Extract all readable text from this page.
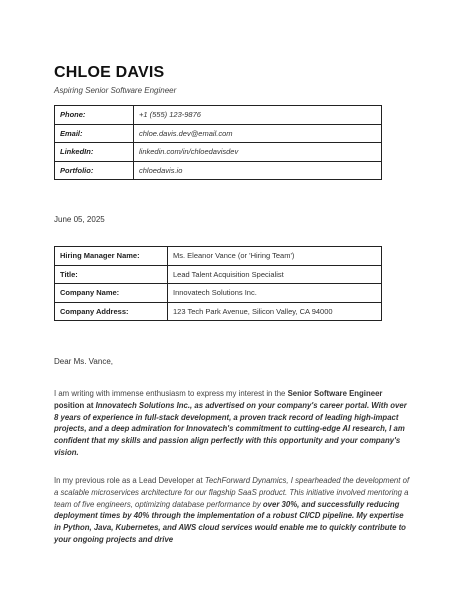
CHLOE DAVIS
Aspiring Senior Software Engineer
Phone:	+1 (555) 123-9876
Email:	chloe.davis.dev@email.com
LinkedIn:	linkedin.com/in/chloedavisdev
Portfolio:	chloedavis.io
June 05, 2025
Hiring Manager Name:	Ms. Eleanor Vance (or 'Hiring Team')
Title:	Lead Talent Acquisition Specialist
Company Name:	Innovatech Solutions Inc.
Company Address:	123 Tech Park Avenue, Silicon Valley, CA 94000
Dear Ms. Vance,
I am writing with immense enthusiasm to express my interest in the Senior Software Engineer position at Innovatech Solutions Inc., as advertised on your company's career portal. With over 8 years of experience in full-stack development, a proven track record of leading high-impact projects, and a deep admiration for Innovatech's commitment to cutting-edge AI research, I am confident that my skills and passion align perfectly with this opportunity and your company's vision.
In my previous role as a Lead Developer at TechForward Dynamics, I spearheaded the development of a scalable microservices architecture for our flagship SaaS product. This initiative involved mentoring a team of five engineers, optimizing database performance by over 30%, and successfully reducing deployment times by 40% through the implementation of a robust CI/CD pipeline. My expertise in Python, Java, Kubernetes, and AWS cloud services would enable me to quickly contribute to your ongoing projects and drive
